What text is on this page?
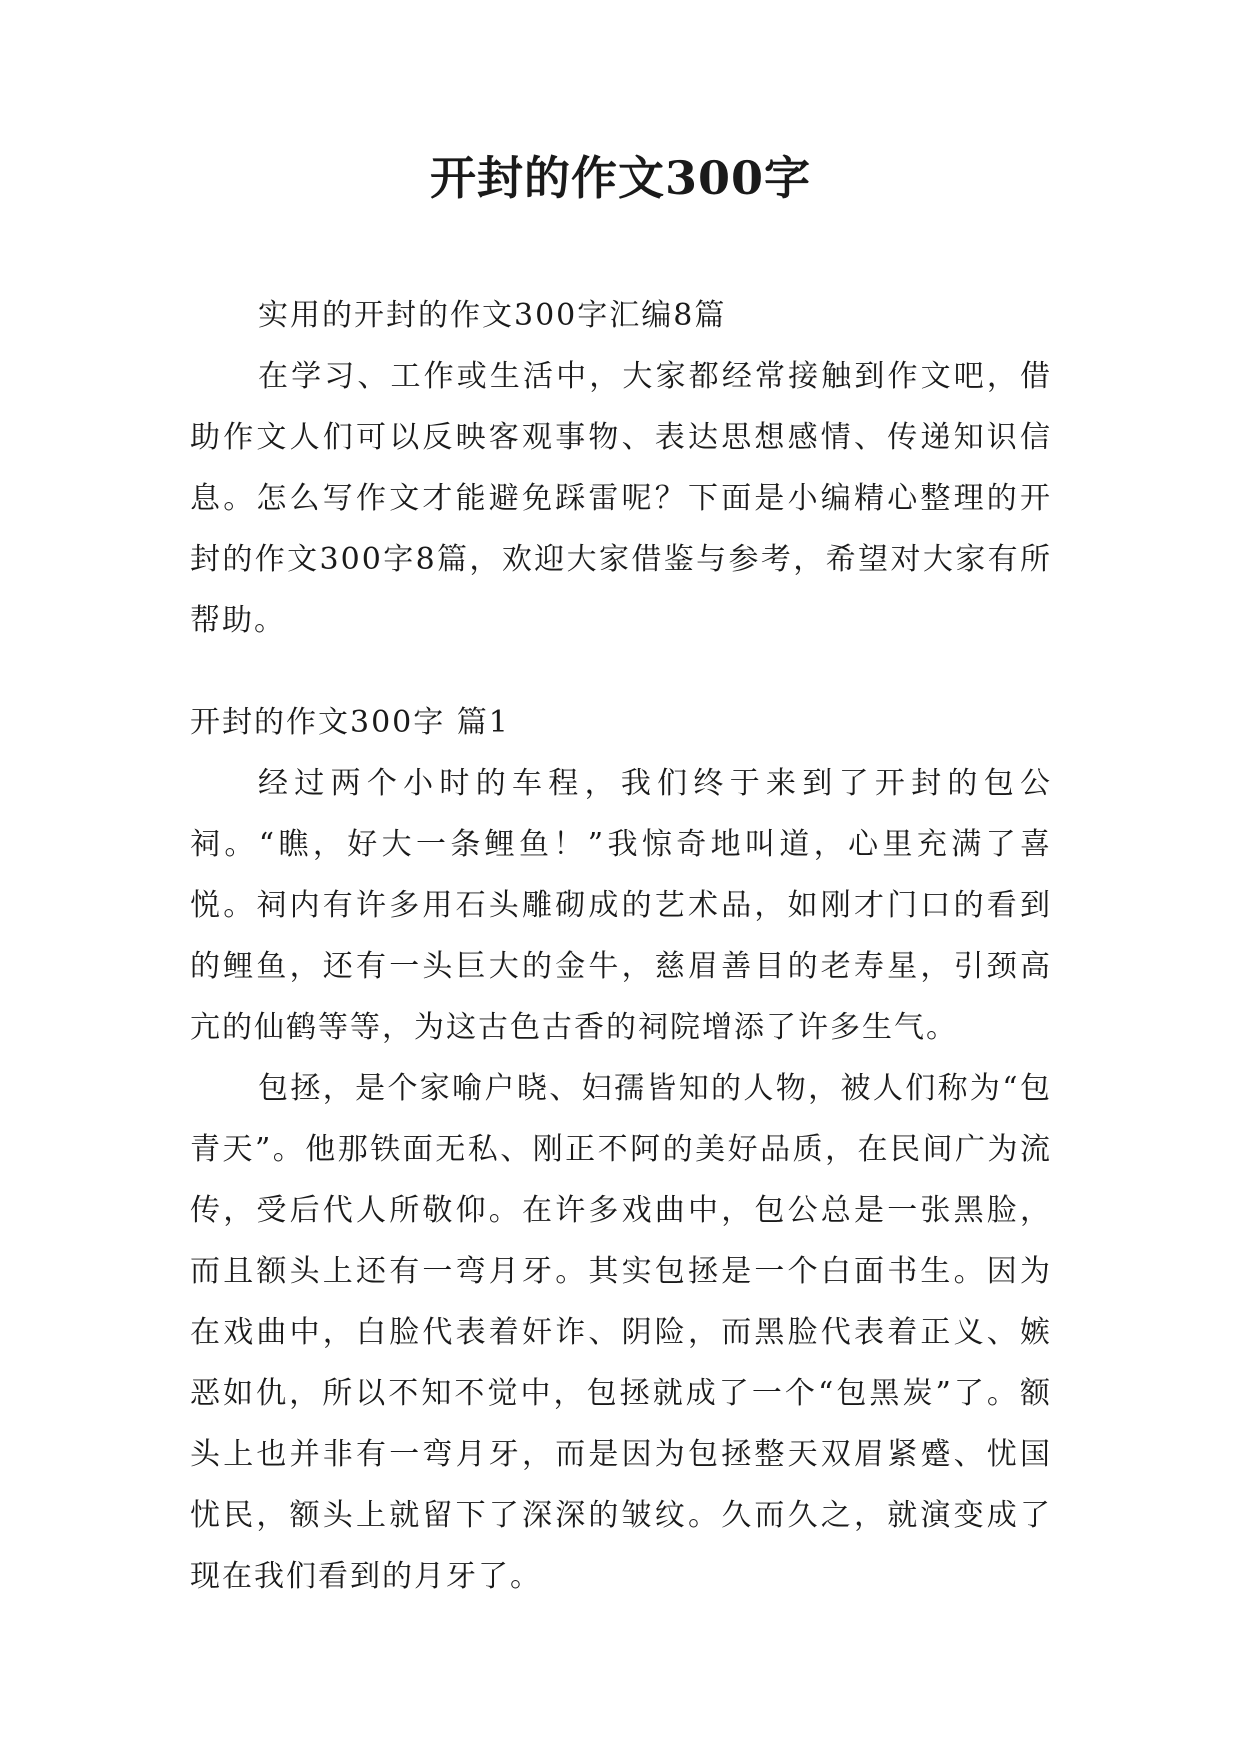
开封的作文300字

实用的开封的作文300字汇编8篇

在学习、工作或生活中，大家都经常接触到作文吧，借助作文人们可以反映客观事物、表达思想感情、传递知识信息。怎么写作文才能避免踩雷呢？下面是小编精心整理的开封的作文300字8篇，欢迎大家借鉴与参考，希望对大家有所帮助。

开封的作文300字 篇1

经过两个小时的车程，我们终于来到了开封的包公祠。“瞧，好大一条鲤鱼！”我惊奇地叫道，心里充满了喜悦。祠内有许多用石头雕砌成的艺术品，如刚才门口的看到的鲤鱼，还有一头巨大的金牛，慈眉善目的老寿星，引颈高亢的仙鹤等等，为这古色古香的祠院增添了许多生气。

包拯，是个家喻户晓、妇孺皆知的人物，被人们称为“包青天”。他那铁面无私、刚正不阿的美好品质，在民间广为流传，受后代人所敬仰。在许多戏曲中，包公总是一张黑脸，而且额头上还有一弯月牙。其实包拯是一个白面书生。因为在戏曲中，白脸代表着奸诈、阴险，而黑脸代表着正义、嫉恶如仇，所以不知不觉中，包拯就成了一个“包黑炭”了。额头上也并非有一弯月牙，而是因为包拯整天双眉紧蹙、忧国忧民，额头上就留下了深深的皱纹。久而久之，就演变成了现在我们看到的月牙了。
